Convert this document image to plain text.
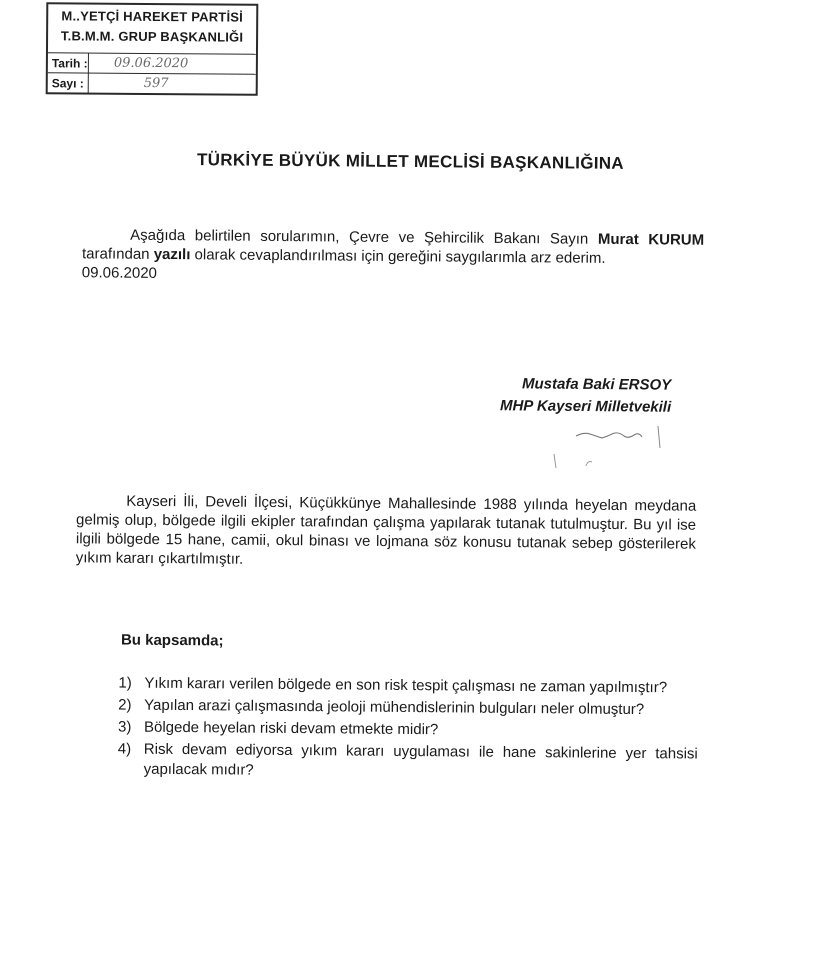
M..YETÇİ HAREKET PARTİSİ
T.B.M.M. GRUP BAŞKANLIĞI
Tarih : 09.06.2020
Sayı :	597
TÜRKİYE BÜYÜK MİLLET MECLİSİ BAŞKANLIĞINA
Aşağıda belirtilen sorularımın, Çevre ve Şehircilik Bakanı Sayın Murat KURUM tarafından yazılı olarak cevaplandırılması için gereğini saygılarımla arz ederim.
09.06.2020
Mustafa Baki ERSOY
MHP Kayseri Milletvekili
Kayseri İli, Develi İlçesi, Küçükkünye Mahallesinde 1988 yılında heyelan meydana gelmiş olup, bölgede ilgili ekipler tarafından çalışma yapılarak tutanak tutulmuştur. Bu yıl ise ilgili bölgede 15 hane, camii, okul binası ve lojmana söz konusu tutanak sebep gösterilerek yıkım kararı çıkartılmıştır.
Bu kapsamda;
1) Yıkım kararı verilen bölgede en son risk tespit çalışması ne zaman yapılmıştır?
2) Yapılan arazi çalışmasında jeoloji mühendislerinin bulguları neler olmuştur?
3) Bölgede heyelan riski devam etmekte midir?
4) Risk devam ediyorsa yıkım kararı uygulaması ile hane sakinlerine yer tahsisi yapılacak mıdır?
